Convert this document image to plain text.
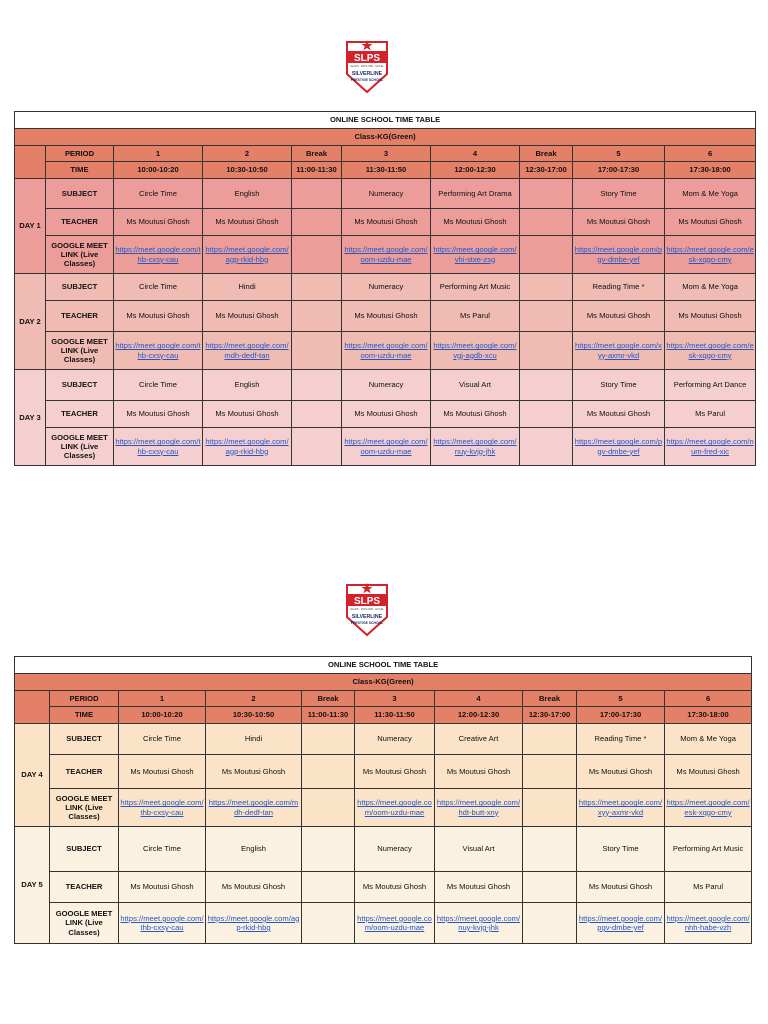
SLPS
LEARN · EXPLORE · EXCEL
SILVERLINE
PRESTIGE SCHOOL
SLPS
LEARN · EXPLORE · EXCEL
SILVERLINE
PRESTIGE SCHOOL
ONLINE SCHOOL TIME TABLE									
Class-KG(Green)									
	PERIOD	1	2	Break	3	4	Break	5	6
	TIME	10:00-10:20	10:30-10:50	11:00-11:30	11:30-11:50	12:00-12:30	12:30-17:00	17:00-17:30	17:30-18:00
DAY 1	SUBJECT	Circle Time	English		Numeracy	Performing Art Drama		Story Time	Mom & Me Yoga
	TEACHER	Ms Moutusi Ghosh	Ms Moutusi Ghosh		Ms Moutusi Ghosh	Ms Moutusi Ghosh		Ms Moutusi Ghosh	Ms Moutusi Ghosh
	GOOGLE MEET LINK (Live Classes)	https://meet.google.com/thb-cxsy-cau	https://meet.google.com/agp-rkid-hbg		https://meet.google.com/oom-uzdu-mae	https://meet.google.com/vhi-stxe-zsg		https://meet.google.com/pgv-dmbe-yef	https://meet.google.com/esk-xqgo-cmy
DAY 2	SUBJECT	Circle Time	Hindi		Numeracy	Performing Art Music		Reading Time *	Mom & Me Yoga
	TEACHER	Ms Moutusi Ghosh	Ms Moutusi Ghosh		Ms Moutusi Ghosh	Ms Parul		Ms Moutusi Ghosh	Ms Moutusi Ghosh
	GOOGLE MEET LINK (Live Classes)	https://meet.google.com/thb-cxsy-cau	https://meet.google.com/mdh-dedf-tan		https://meet.google.com/oom-uzdu-mae	https://meet.google.com/vgj-agdb-xcu		https://meet.google.com/xyy-axmr-vkd	https://meet.google.com/esk-xqgo-cmy
DAY 3	SUBJECT	Circle Time	English		Numeracy	Visual Art		Story Time	Performing Art Dance
	TEACHER	Ms Moutusi Ghosh	Ms Moutusi Ghosh		Ms Moutusi Ghosh	Ms Moutusi Ghosh		Ms Moutusi Ghosh	Ms Parul
	GOOGLE MEET LINK (Live Classes)	https://meet.google.com/thb-cxsy-cau	https://meet.google.com/agp-rkid-hbg		https://meet.google.com/oom-uzdu-mae	https://meet.google.com/nuy-kvjg-jhk		https://meet.google.com/pgv-dmbe-yef	https://meet.google.com/num-fred-xic
ONLINE SCHOOL TIME TABLE									
Class-KG(Green)									
	PERIOD	1	2	Break	3	4	Break	5	6
	TIME	10:00-10:20	10:30-10:50	11:00-11:30	11:30-11:50	12:00-12:30	12:30-17:00	17:00-17:30	17:30-18:00
DAY 4	SUBJECT	Circle Time	Hindi		Numeracy	Creative Art		Reading Time *	Mom & Me Yoga
	TEACHER	Ms Moutusi Ghosh	Ms Moutusi Ghosh		Ms Moutusi Ghosh	Ms Moutusi Ghosh		Ms Moutusi Ghosh	Ms Moutusi Ghosh
	GOOGLE MEET LINK (Live Classes)	https://meet.google.com/thb-cxsy-cau	https://meet.google.com/mdh-dedf-tan		https://meet.google.com/oom-uzdu-mae	https://meet.google.com/hdt-butt-xny		https://meet.google.com/xyy-axmr-vkd	https://meet.google.com/esk-xqgo-cmy
DAY 5	SUBJECT	Circle Time	English		Numeracy	Visual Art		Story Time	Performing Art Music
	TEACHER	Ms Moutusi Ghosh	Ms Moutusi Ghosh		Ms Moutusi Ghosh	Ms Moutusi Ghosh		Ms Moutusi Ghosh	Ms Parul
	GOOGLE MEET LINK (Live Classes)	https://meet.google.com/thb-cxsy-cau	https://meet.google.com/agp-rkid-hbg		https://meet.google.com/oom-uzdu-mae	https://meet.google.com/nuy-kvjg-jhk		https://meet.google.com/pgv-dmbe-yef	https://meet.google.com/nhh-habe-vzh
